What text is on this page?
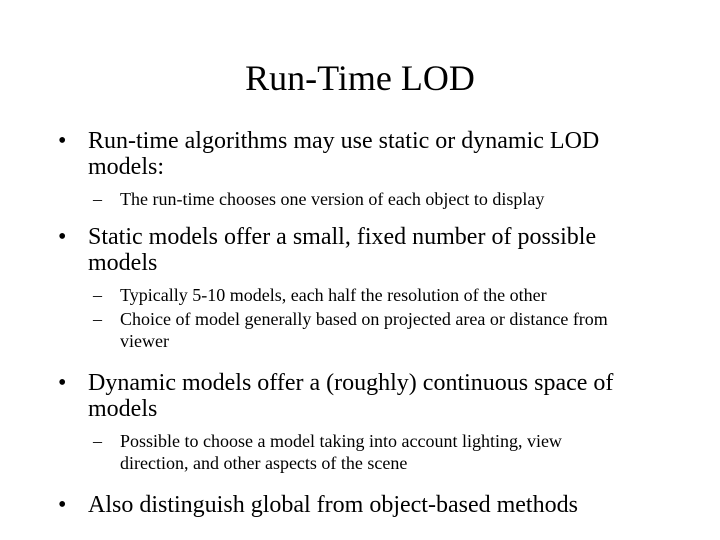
Run-Time LOD
• Run-time algorithms may use static or dynamic LOD models:
– The run-time chooses one version of each object to display
• Static models offer a small, fixed number of possible models
– Typically 5-10 models, each half the resolution of the other
– Choice of model generally based on projected area or distance from viewer
• Dynamic models offer a (roughly) continuous space of models
– Possible to choose a model taking into account lighting, view direction, and other aspects of the scene
• Also distinguish global from object-based methods
